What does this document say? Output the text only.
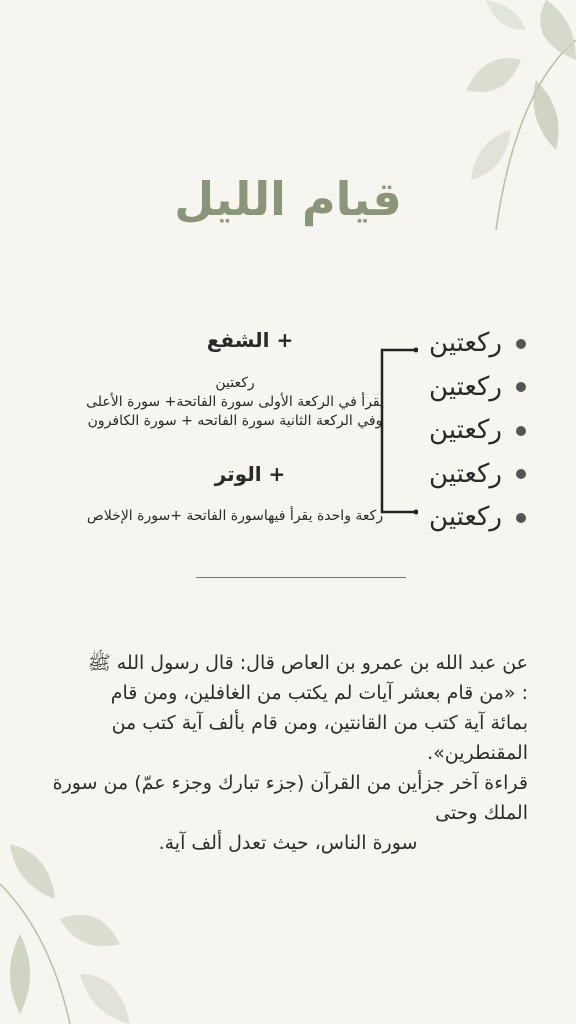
قيام الليل
ركعتين
ركعتين
ركعتين
ركعتين
ركعتين
+ الشفع
ركعتين
يقرأ في الركعة الأولى سورة الفاتحة+ سورة الأعلى
وفي الركعة الثانية سورة الفاتحه + سورة الكافرون
+ الوتر
ركعة واحدة يقرأ فيهاسورة الفاتحة +سورة الإخلاص

عن عبد الله بن عمرو بن العاص قال: قال رسول الله ﷺ

: «من قام بعشر آيات لم يكتب من الغافلين، ومن قام

بمائة آية كتب من القانتين، ومن قام بألف آية كتب من المقنطرين».

قراءة آخر جزأين من القرآن (جزء تبارك وجزء عمّ) من سورة الملك وحتى

سورة الناس، حيث تعدل ألف آية.
